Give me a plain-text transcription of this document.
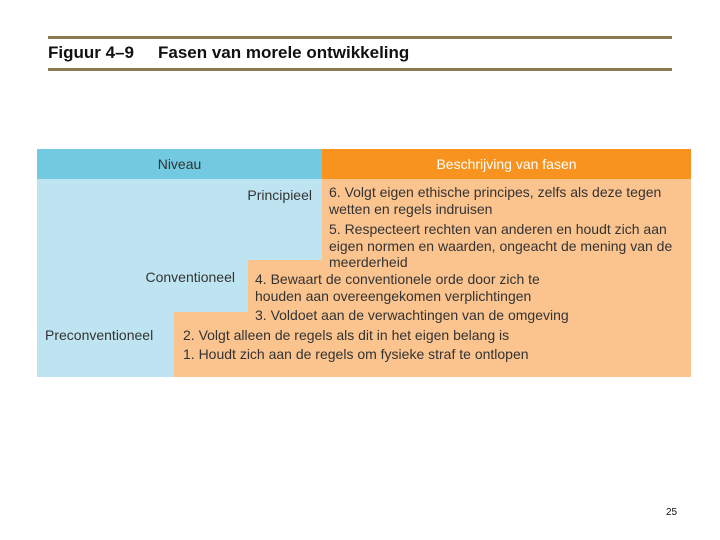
Figuur 4–9 Fasen van morele ontwikkeling
Niveau	Beschrijving van fasen
Principieel
Conventioneel
Preconventioneel
6. Volgt eigen ethische principes, zelfs als deze tegen wetten en regels indruisen
5. Respecteert rechten van anderen en houdt zich aan eigen normen en waarden, ongeacht de mening van de meerderheid
4. Bewaart de conventionele orde door zich te houden aan overeengekomen verplichtingen
3. Voldoet aan de verwachtingen van de omgeving
2. Volgt alleen de regels als dit in het eigen belang is
1. Houdt zich aan de regels om fysieke straf te ontlopen
25
